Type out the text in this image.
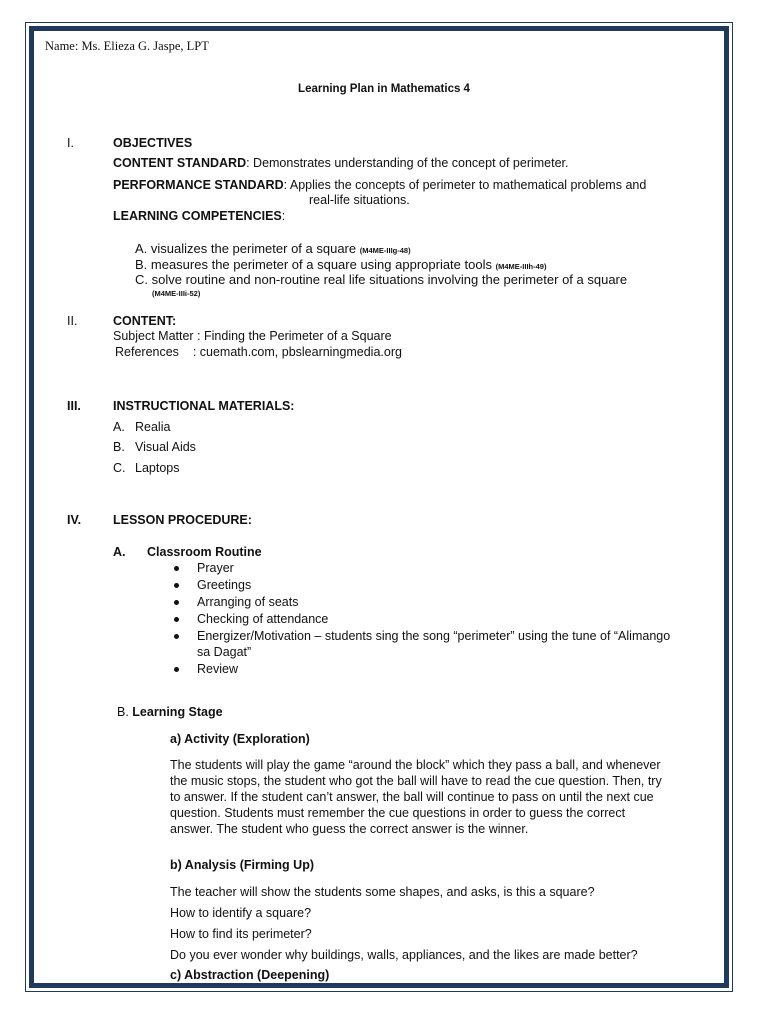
Name: Ms. Elieza G. Jaspe, LPT
Learning Plan in Mathematics 4
I.	OBJECTIVES
CONTENT STANDARD: Demonstrates understanding of the concept of perimeter.
PERFORMANCE STANDARD: Applies the concepts of perimeter to mathematical problems and
real-life situations.
LEARNING COMPETENCIES:
A. visualizes the perimeter of a square (M4ME-IIIg-48)
B. measures the perimeter of a square using appropriate tools (M4ME-IIIh-49)
C. solve routine and non-routine real life situations involving the perimeter of a square
(M4ME-IIIi-52)
II.	CONTENT:
Subject Matter : Finding the Perimeter of a Square
References    : cuemath.com, pbslearningmedia.org
III.	INSTRUCTIONAL MATERIALS:
A. Realia
B. Visual Aids
C. Laptops
IV.	LESSON PROCEDURE:
A. Classroom Routine
Prayer
Greetings
Arranging of seats
Checking of attendance
Energizer/Motivation – students sing the song “perimeter” using the tune of “Alimango
sa Dagat”
Review
B. Learning Stage
a) Activity (Exploration)
The students will play the game “around the block” which they pass a ball, and whenever
the music stops, the student who got the ball will have to read the cue question. Then, try
to answer. If the student can’t answer, the ball will continue to pass on until the next cue
question. Students must remember the cue questions in order to guess the correct
answer. The student who guess the correct answer is the winner.
b) Analysis (Firming Up)
The teacher will show the students some shapes, and asks, is this a square?
How to identify a square?
How to find its perimeter?
Do you ever wonder why buildings, walls, appliances, and the likes are made better?
c) Abstraction (Deepening)
